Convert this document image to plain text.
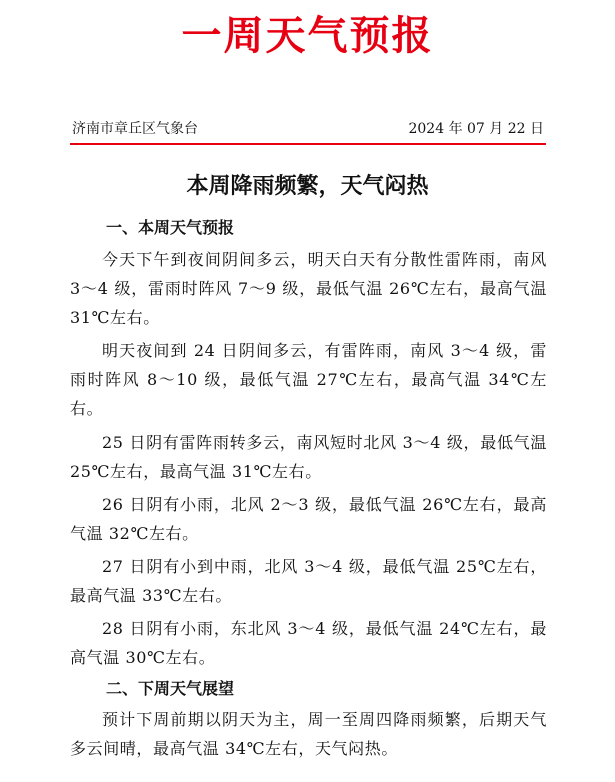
一周天气预报
济南市章丘区气象台	2024 年 07 月 22 日
本周降雨频繁，天气闷热
一、本周天气预报

今天下午到夜间阴间多云，明天白天有分散性雷阵雨，南风 3～4 级，雷雨时阵风 7～9 级，最低气温 26℃左右，最高气温 31℃左右。

明天夜间到 24 日阴间多云，有雷阵雨，南风 3～4 级，雷雨时阵风 8～10 级，最低气温 27℃左右，最高气温 34℃左右。

25 日阴有雷阵雨转多云，南风短时北风 3～4 级，最低气温 25℃左右，最高气温 31℃左右。

26 日阴有小雨，北风 2～3 级，最低气温 26℃左右，最高气温 32℃左右。

27 日阴有小到中雨，北风 3～4 级，最低气温 25℃左右，最高气温 33℃左右。

28 日阴有小雨，东北风 3～4 级，最低气温 24℃左右，最高气温 30℃左右。

二、下周天气展望

预计下周前期以阴天为主，周一至周四降雨频繁，后期天气多云间晴，最高气温 34℃左右，天气闷热。
